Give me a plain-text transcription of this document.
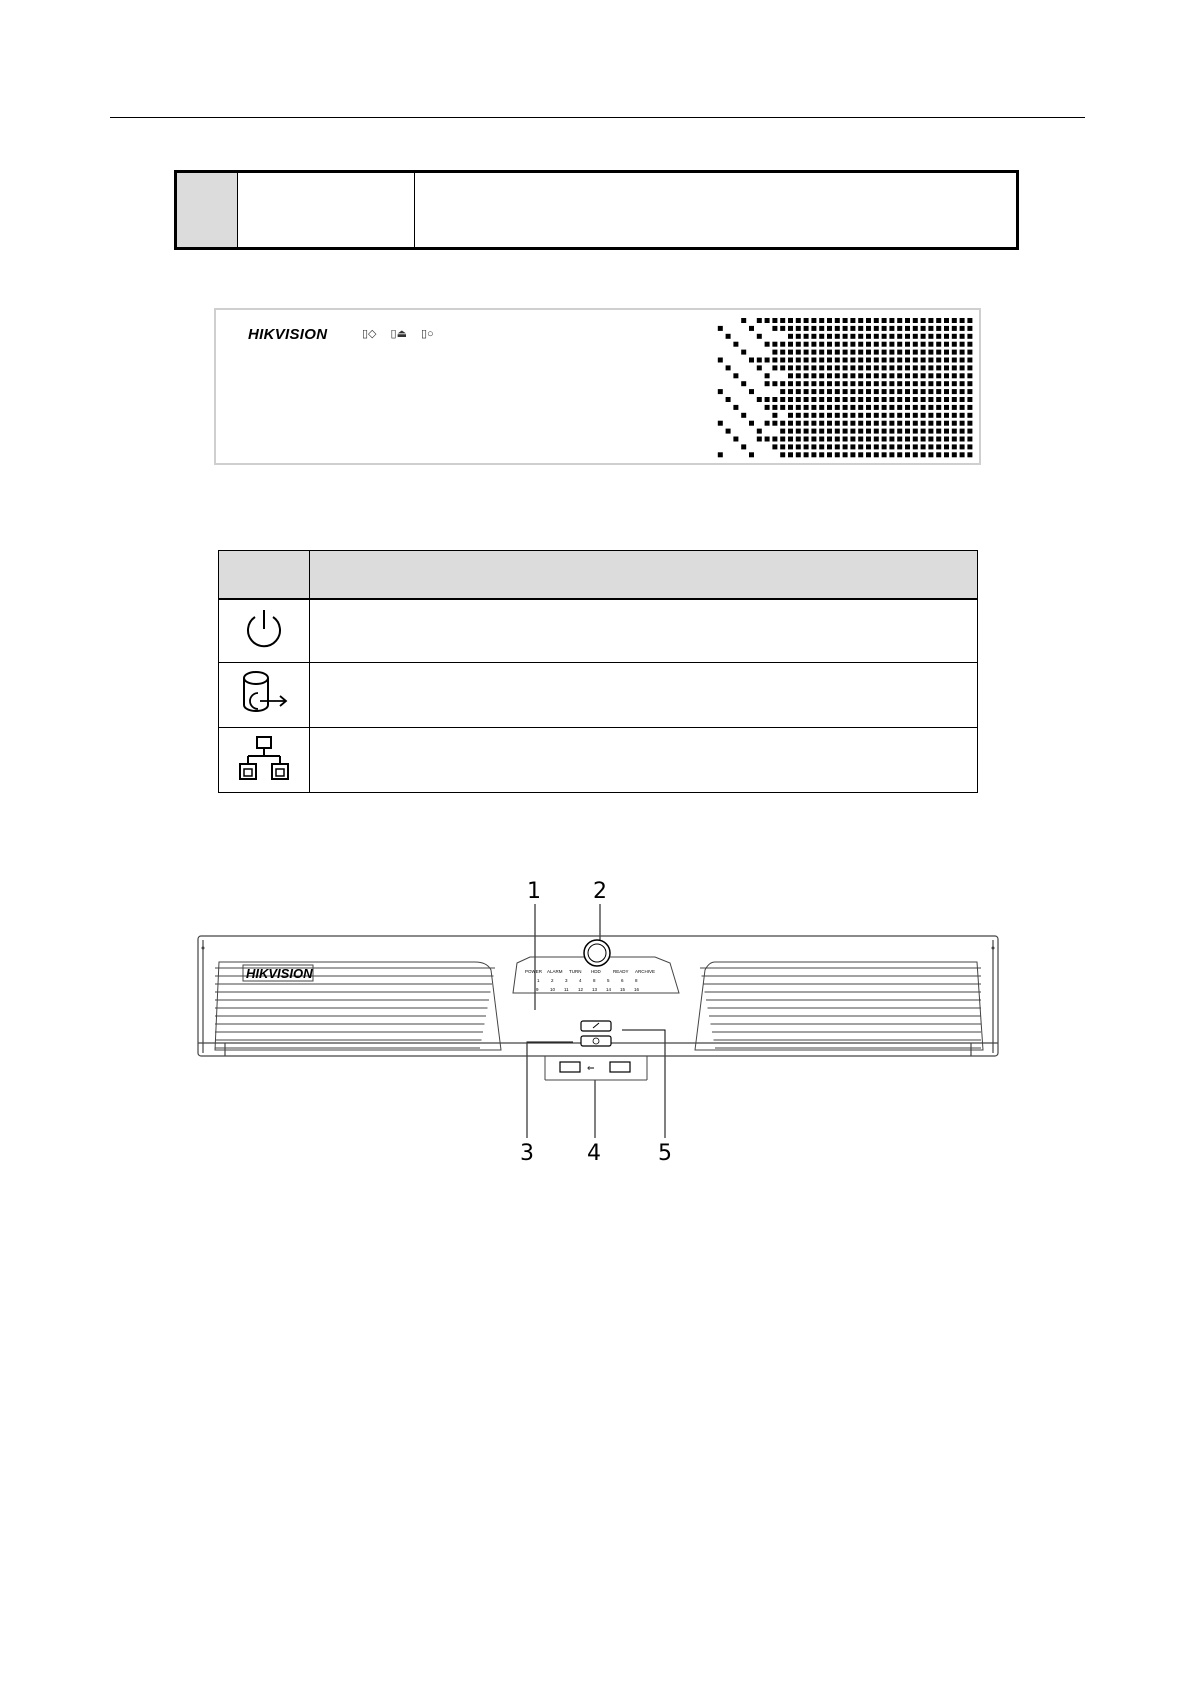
HIKVISION	▯◇ ▯⏏ ▯○

1 2
3 4	5
HIKVISION	POWER ALARM TURN HDD	READY ARCHIVE
1	2	3	4	8	5	6	8
9	10 11 12 13 14 15 16
⇐
